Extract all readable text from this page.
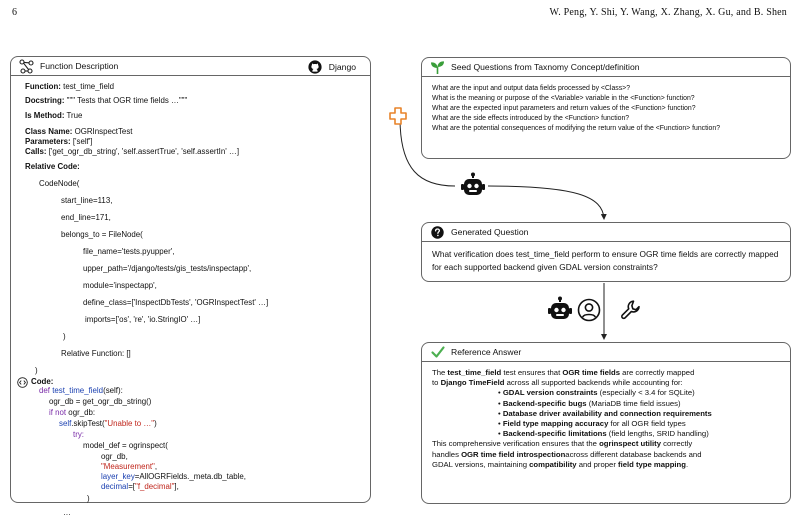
6	W. Peng, Y. Shi, Y. Wang, X. Zhang, X. Gu, and B. Shen
Function Description	Django
Function: test_time_field
Docstring: """ Tests that OGR time fields …"""
Is Method: True
Class Name: OGRInspectTest
Parameters: ['self']
Calls: ['get_ogr_db_string', 'self.assertTrue', 'self.assertIn' …]
Relative Code:
CodeNode(
start_line=113,
end_line=171,
belongs_to = FileNode(
file_name='tests.pyupper',
upper_path='/django/tests/gis_tests/inspectapp',
module='inspectapp',
define_class=['InspectDbTests', 'OGRInspectTest' …]
imports=['os', 're', 'io.StringIO' …]
)
Relative Function: []
)
Code:
def test_time_field(self):
ogr_db = get_ogr_db_string()
if not ogr_db:
self.skipTest("Unable to …")
try:
model_def = ogrinspect(
ogr_db,
"Measurement",
layer_key=AllOGRFields._meta.db_table,
decimal=["f_decimal"],
)
…
Seed Questions from Taxnomy Concept/definition
What are the input and output data fields processed by <Class>?
What is the meaning or purpose of the <Variable> variable in the <Function> function?
What are the expected input parameters and return values of the <Function> function?
What are the side effects introduced by the <Function> function?
What are the potential consequences of modifying the return value of the <Function> function?
Generated Question
What verification does test_time_field perform to ensure OGR time fields are correctly mapped for each supported backend given GDAL version constraints?
Reference Answer
The test_time_field test ensures that OGR time fields are correctly mapped
to Django TimeField across all supported backends while accounting for:
• GDAL version constraints (especially < 3.4 for SQLite)
• Backend-specific bugs (MariaDB time field issues)
• Database driver availability and connection requirements
• Field type mapping accuracy for all OGR field types
• Backend-specific limitations (field lengths, SRID handling)
This comprehensive verification ensures that the ogrinspect utility correctly
handles OGR time field introspectionacross different database backends and
GDAL versions, maintaining compatibility and proper field type mapping.
